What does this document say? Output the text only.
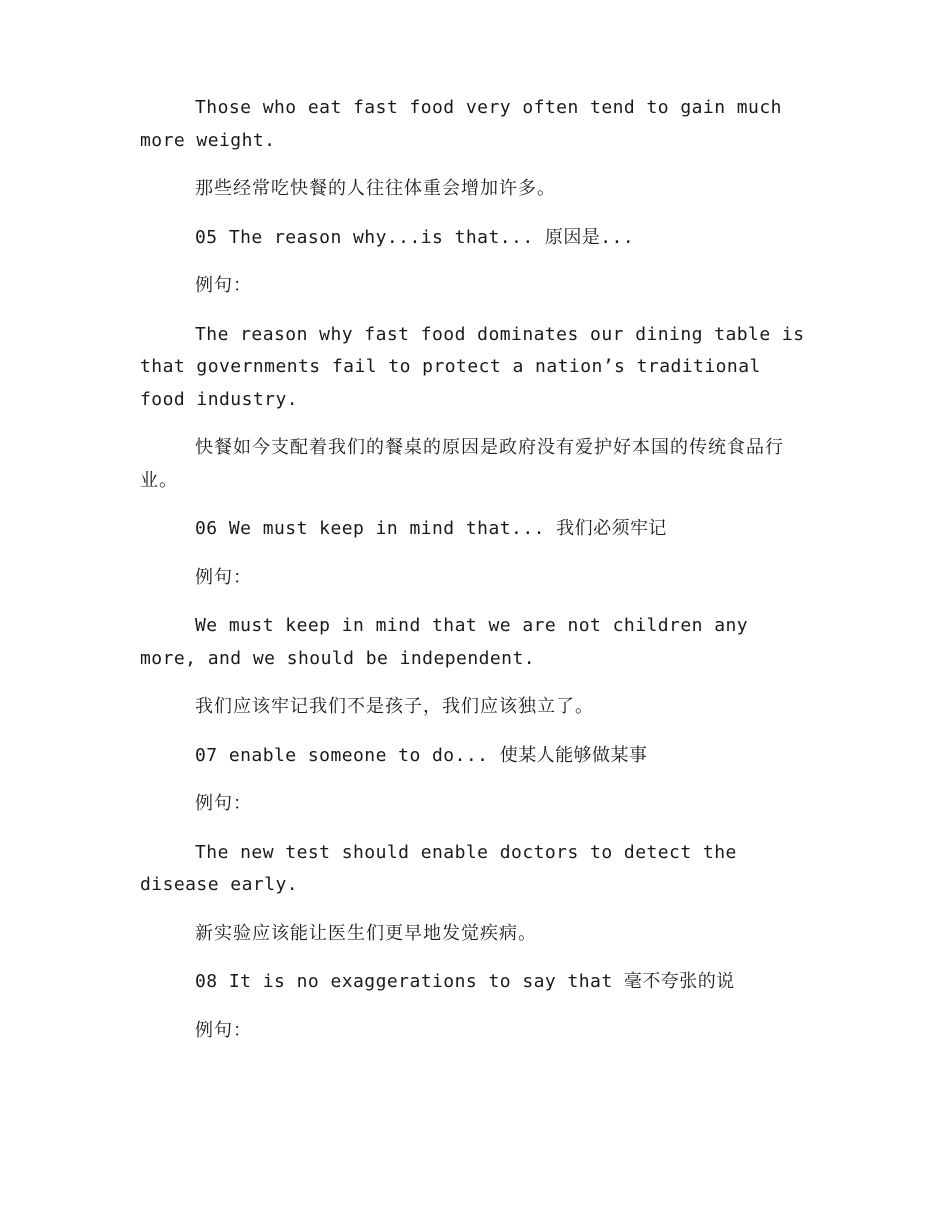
Those who eat fast food very often tend to gain much more weight.

那些经常吃快餐的人往往体重会增加许多。

05 The reason why...is that... 原因是...

例句：

The reason why fast food dominates our dining table is that governments fail to protect a nation’s traditional food industry.

快餐如今支配着我们的餐桌的原因是政府没有爱护好本国的传统食品行业。

06 We must keep in mind that... 我们必须牢记

例句：

We must keep in mind that we are not children any more, and we should be independent.

我们应该牢记我们不是孩子，我们应该独立了。

07 enable someone to do... 使某人能够做某事

例句：

The new test should enable doctors to detect the disease early.

新实验应该能让医生们更早地发觉疾病。

08 It is no exaggerations to say that 毫不夸张的说

例句：
